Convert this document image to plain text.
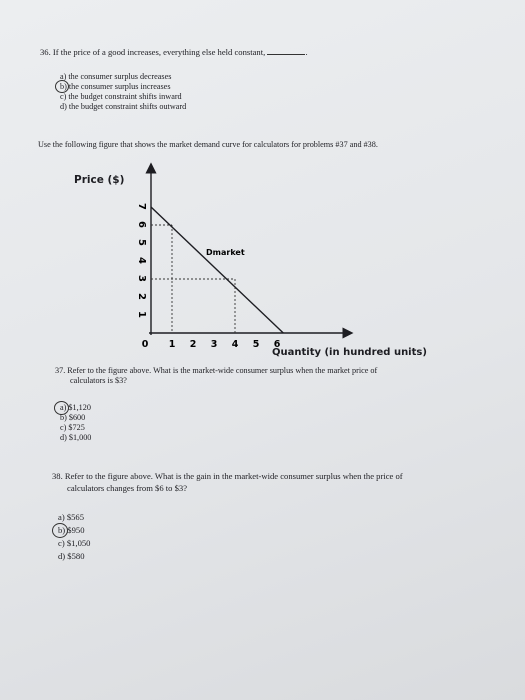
36. If the price of a good increases, everything else held constant,	.
a) the consumer surplus decreases
b) the consumer surplus increases
c) the budget constraint shifts inward
d) the budget constraint shifts outward
Use the following figure that shows the market demand curve for calculators for problems #37 and #38.
Price ($)
1
2
3
4
5
6
7
0 1 2 3 4 5 6
Dmarket
Quantity (in hundred units)
37. Refer to the figure above. What is the market-wide consumer surplus when the market price of
calculators is $3?
a) $1,120
b) $600
c) $725
d) $1,000
38. Refer to the figure above. What is the gain in the market-wide consumer surplus when the price of
calculators changes from $6 to $3?
a) $565
b) $950
c) $1,050
d) $580
